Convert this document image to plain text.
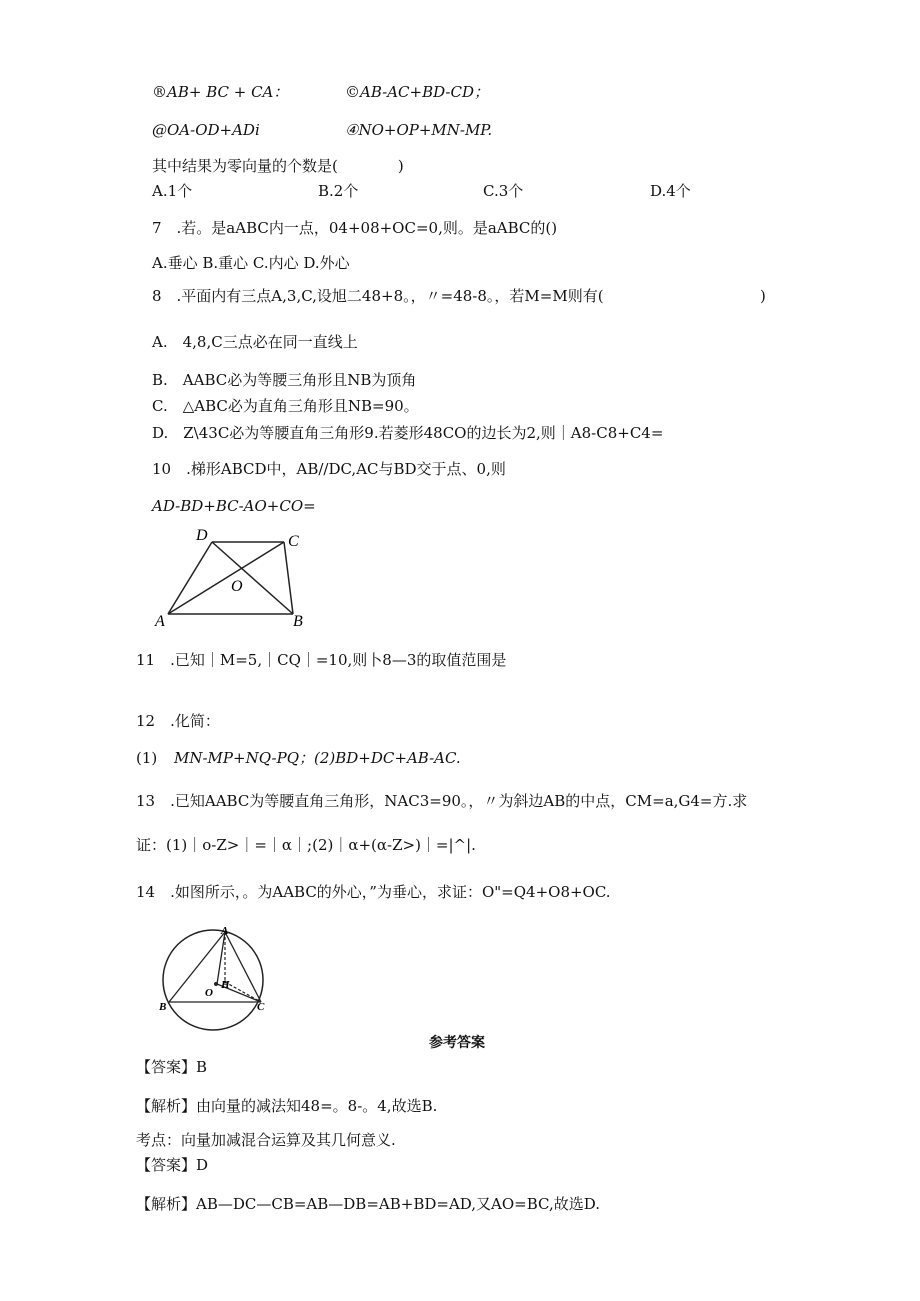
®AB+ BC + CA：	©AB-AC+BD-CD；
@OA-OD+ADi	④NO+OP+MN-MP.
其中结果为零向量的个数是(　　　　)
A.1个	B.2个	C.3个	D.4个
7　.若。是aABC内一点，04+08+OC=0,则。是aABC的()
A.垂心 B.重心 C.内心 D.外心
8　.平面内有三点A,3,C,设旭二48+8。，〃=48-8。，若M=M则有(	)
A.　4,8,C三点必在同一直线上
B.　AABC必为等腰三角形且NB为顶角
C.　△ABC必为直角三角形且NB=90。
D.　Z\43C必为等腰直角三角形9.若菱形48CO的边长为2,则｜A8-C8+C4=
10　.梯形ABCD中，AB//DC,AC与BD交于点、0,则
AD-BD+BC-AO+CO=
D	C
O
A	B
11　.已知｜M=5,｜CQ｜=10,则卜8—3的取值范围是
12　.化简：
(1) MN-MP+NQ-PQ；(2)BD+DC+AB-AC.
13　.已知AABC为等腰直角三角形，NAC3=90。，〃为斜边AB的中点，CM=a,G4=方.求
证：(1)｜o-Z>｜=｜α｜;(2)｜α+(α-Z>)｜=|^|.
14　.如图所示，。为AABC的外心，”为垂心，求证：O"=Q4+O8+OC.
A
B	C
O
H
参考答案
【答案】B
【解析】由向量的减法知48=。8-。4,故选B.
考点：向量加减混合运算及其几何意义.
【答案】D
【解析】AB—DC—CB=AB—DB=AB+BD=AD,又AO=BC,故选D.
